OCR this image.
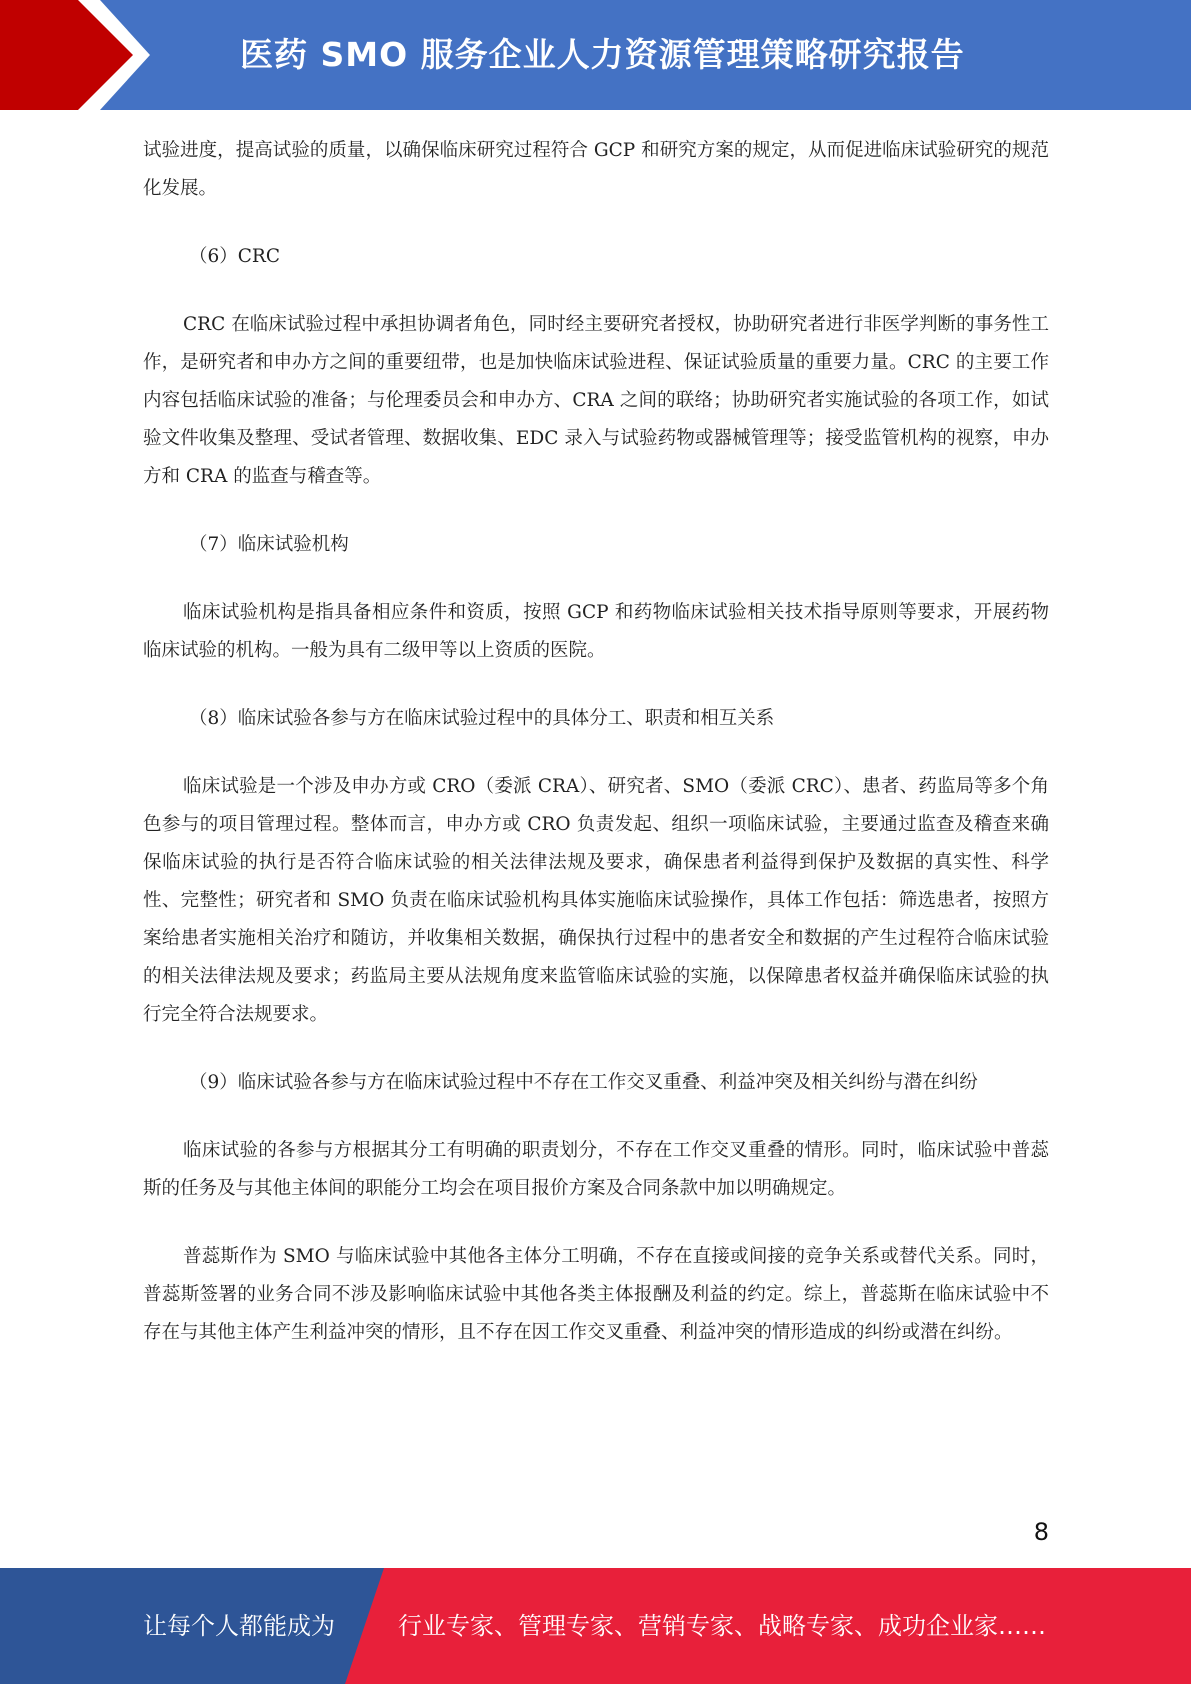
医药 SMO 服务企业人力资源管理策略研究报告

试验进度，提高试验的质量，以确保临床研究过程符合 GCP 和研究方案的规定，从而促进临床试验研究的规范化发展。

（6）CRC

CRC 在临床试验过程中承担协调者角色，同时经主要研究者授权，协助研究者进行非医学判断的事务性工作，是研究者和申办方之间的重要纽带，也是加快临床试验进程、保证试验质量的重要力量。CRC 的主要工作内容包括临床试验的准备；与伦理委员会和申办方、CRA 之间的联络；协助研究者实施试验的各项工作，如试验文件收集及整理、受试者管理、数据收集、EDC 录入与试验药物或器械管理等；接受监管机构的视察，申办方和 CRA 的监查与稽查等。

（7）临床试验机构

临床试验机构是指具备相应条件和资质，按照 GCP 和药物临床试验相关技术指导原则等要求，开展药物临床试验的机构。一般为具有二级甲等以上资质的医院。

（8）临床试验各参与方在临床试验过程中的具体分工、职责和相互关系

临床试验是一个涉及申办方或 CRO（委派 CRA）、研究者、SMO（委派 CRC）、患者、药监局等多个角色参与的项目管理过程。整体而言，申办方或 CRO 负责发起、组织一项临床试验，主要通过监查及稽查来确保临床试验的执行是否符合临床试验的相关法律法规及要求，确保患者利益得到保护及数据的真实性、科学性、完整性；研究者和 SMO 负责在临床试验机构具体实施临床试验操作，具体工作包括：筛选患者，按照方案给患者实施相关治疗和随访，并收集相关数据，确保执行过程中的患者安全和数据的产生过程符合临床试验的相关法律法规及要求；药监局主要从法规角度来监管临床试验的实施，以保障患者权益并确保临床试验的执行完全符合法规要求。

（9）临床试验各参与方在临床试验过程中不存在工作交叉重叠、利益冲突及相关纠纷与潜在纠纷

临床试验的各参与方根据其分工有明确的职责划分，不存在工作交叉重叠的情形。同时，临床试验中普蕊斯的任务及与其他主体间的职能分工均会在项目报价方案及合同条款中加以明确规定。

普蕊斯作为 SMO 与临床试验中其他各主体分工明确，不存在直接或间接的竞争关系或替代关系。同时，普蕊斯签署的业务合同不涉及影响临床试验中其他各类主体报酬及利益的约定。综上，普蕊斯在临床试验中不存在与其他主体产生利益冲突的情形，且不存在因工作交叉重叠、利益冲突的情形造成的纠纷或潜在纠纷。

8
让每个人都能成为	行业专家、管理专家、营销专家、战略专家、成功企业家……
